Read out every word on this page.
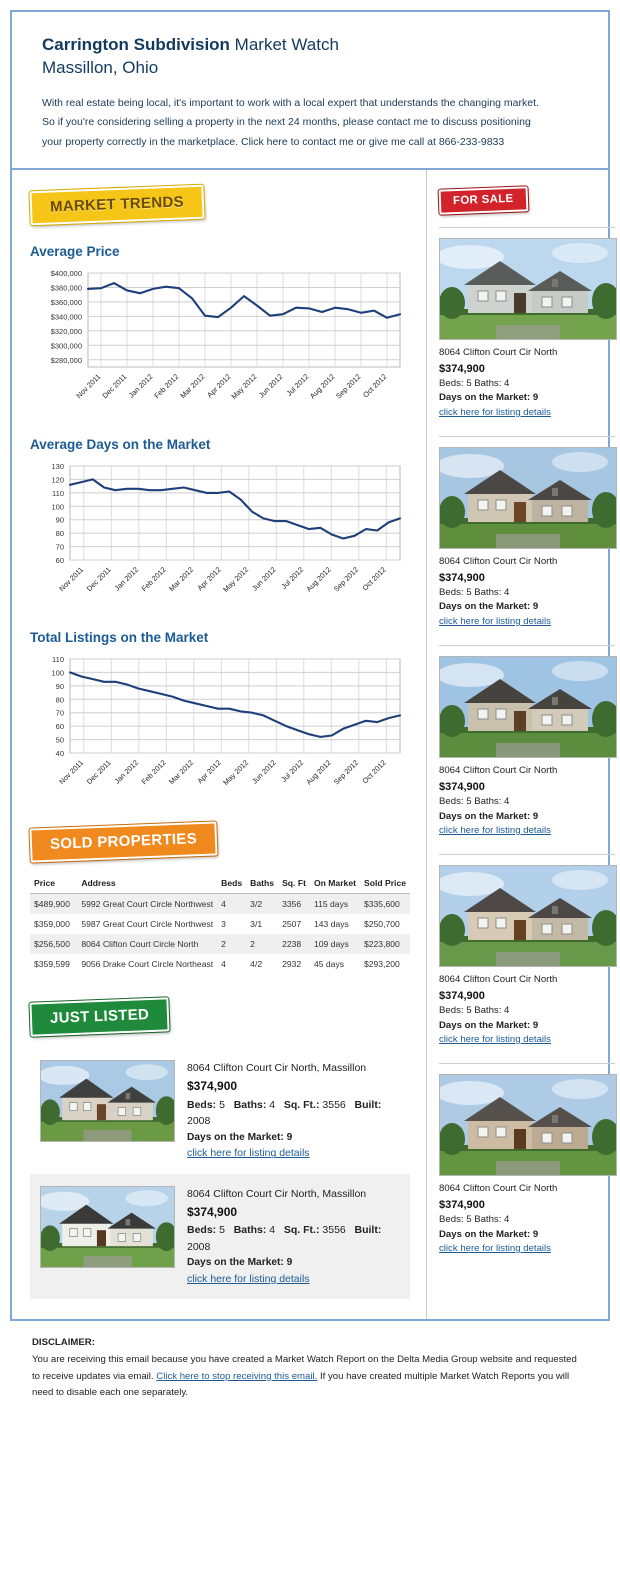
Carrington Subdivision Market Watch
Massillon, Ohio
With real estate being local, it's important to work with a local expert that understands the changing market.
So if you're considering selling a property in the next 24 months, please contact me to discuss positioning
your property correctly in the marketplace. Click here to contact me or give me call at 866-233-9833
MARKET TRENDS
Average Price
$280,000
$300,000
$320,000
$340,000
$360,000
$380,000
$400,000
Nov 2011
Dec 2011
Jan 2012
Feb 2012
Mar 2012
Apr 2012
May 2012
Jun 2012 Jul 2012
Aug 2012
Sep 2012
Oct 2012
Average Days on the Market
60
70
80
90
100
110
120
130
Nov 2011 Dec 2011 Jan 2012 Feb 2012 Mar 2012 Apr 2012
May 2012 Jun 2012 Jul 2012 Aug 2012 Sep 2012 Oct 2012
Total Listings on the Market
40
50
60
70
80
90
100
110
Nov 2011 Dec 2011 Jan 2012 Feb 2012 Mar 2012 Apr 2012
May 2012 Jun 2012 Jul 2012 Aug 2012 Sep 2012 Oct 2012
SOLD PROPERTIES
Price	Address	Beds	Baths	Sq. Ft	On Market	Sold Price
$489,900	5992 Great Court Circle Northwest	4	3/2	3356	115 days	$335,600
$359,000	5987 Great Court Circle Northwest	3	3/1	2507	143 days	$250,700
$256,500	8064 Clifton Court Circle North	2	2	2238	109 days	$223,800
$359,599	9056 Drake Court Circle Northeast	4	4/2	2932	45 days	$293,200
JUST LISTED
8064 Clifton Court Cir North, Massillon
$374,900
Beds: 5   Baths: 4   Sq. Ft.: 3556   Built: 2008
Days on the Market: 9
click here for listing details
8064 Clifton Court Cir North, Massillon
$374,900
Beds: 5   Baths: 4   Sq. Ft.: 3556   Built: 2008
Days on the Market: 9
click here for listing details
FOR SALE
8064 Clifton Court Cir North
$374,900
Beds: 5 Baths: 4
Days on the Market: 9
click here for listing details
8064 Clifton Court Cir North
$374,900
Beds: 5 Baths: 4
Days on the Market: 9
click here for listing details
8064 Clifton Court Cir North
$374,900
Beds: 5 Baths: 4
Days on the Market: 9
click here for listing details
8064 Clifton Court Cir North
$374,900
Beds: 5 Baths: 4
Days on the Market: 9
click here for listing details
8064 Clifton Court Cir North
$374,900
Beds: 5 Baths: 4
Days on the Market: 9
click here for listing details
DISCLAIMER:
You are receiving this email because you have created a Market Watch Report on the Delta Media Group website and requested
to receive updates via email. Click here to stop receiving this email. If you have created multiple Market Watch Reports you will
need to disable each one separately.
